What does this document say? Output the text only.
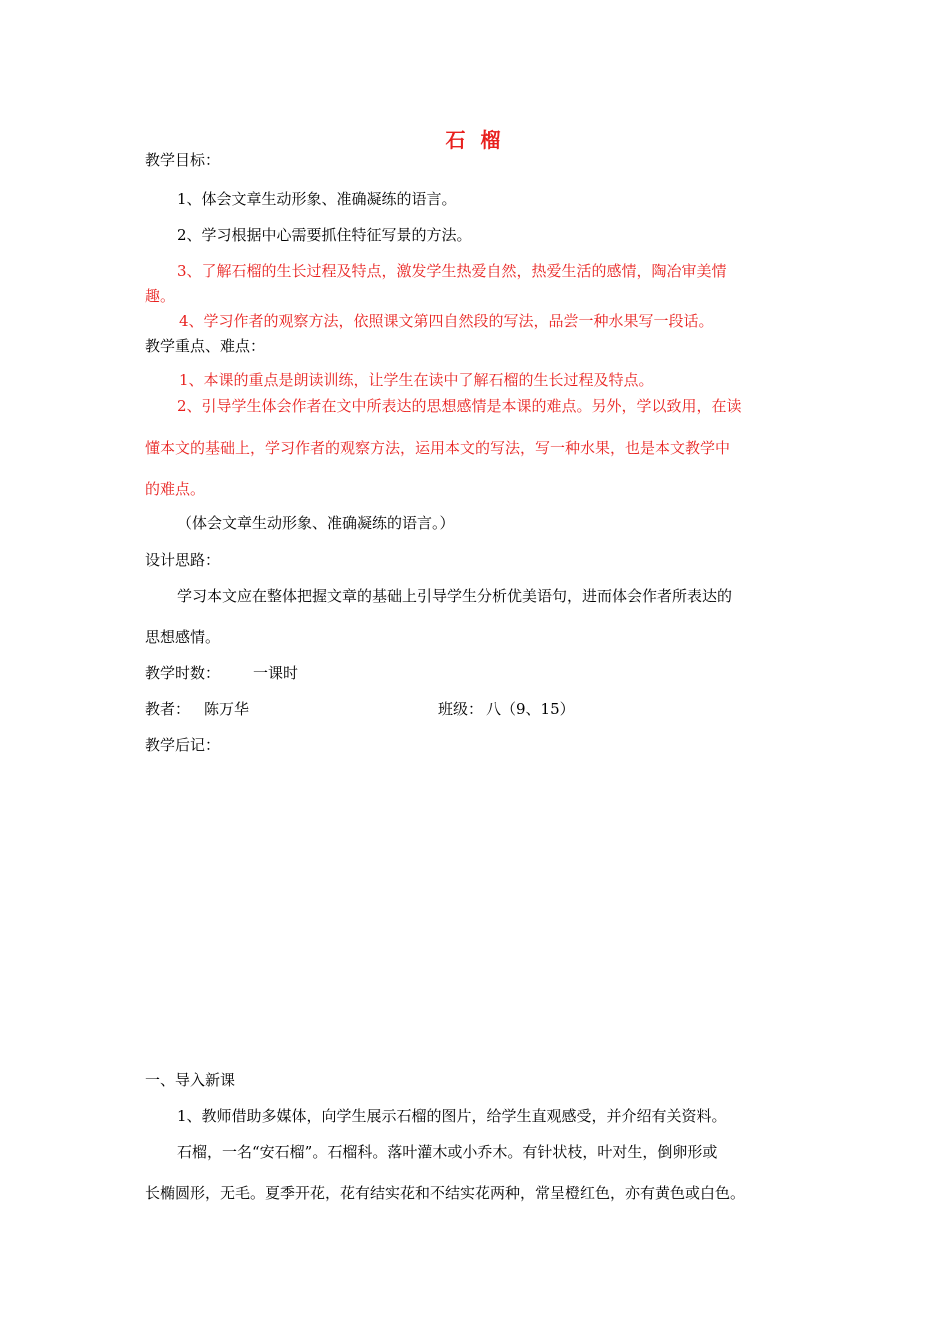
石 榴
教学目标：
1、体会文章生动形象、准确凝练的语言。
2、学习根据中心需要抓住特征写景的方法。
3、了解石榴的生长过程及特点，激发学生热爱自然，热爱生活的感情，陶冶审美情
趣。
4、学习作者的观察方法，依照课文第四自然段的写法，品尝一种水果写一段话。
教学重点、难点：
1、本课的重点是朗读训练，让学生在读中了解石榴的生长过程及特点。
2、引导学生体会作者在文中所表达的思想感情是本课的难点。另外，学以致用，在读
懂本文的基础上，学习作者的观察方法，运用本文的写法，写一种水果，也是本文教学中
的难点。
（体会文章生动形象、准确凝练的语言。）
设计思路：
学习本文应在整体把握文章的基础上引导学生分析优美语句，进而体会作者所表达的
思想感情。
教学时数： 一课时
教者： 陈万华	班级： 八（9、15）
教学后记：
一、导入新课
1、教师借助多媒体，向学生展示石榴的图片，给学生直观感受，并介绍有关资料。
石榴，一名“安石榴”。石榴科。落叶灌木或小乔木。有针状枝，叶对生，倒卵形或
长椭圆形，无毛。夏季开花，花有结实花和不结实花两种，常呈橙红色，亦有黄色或白色。
